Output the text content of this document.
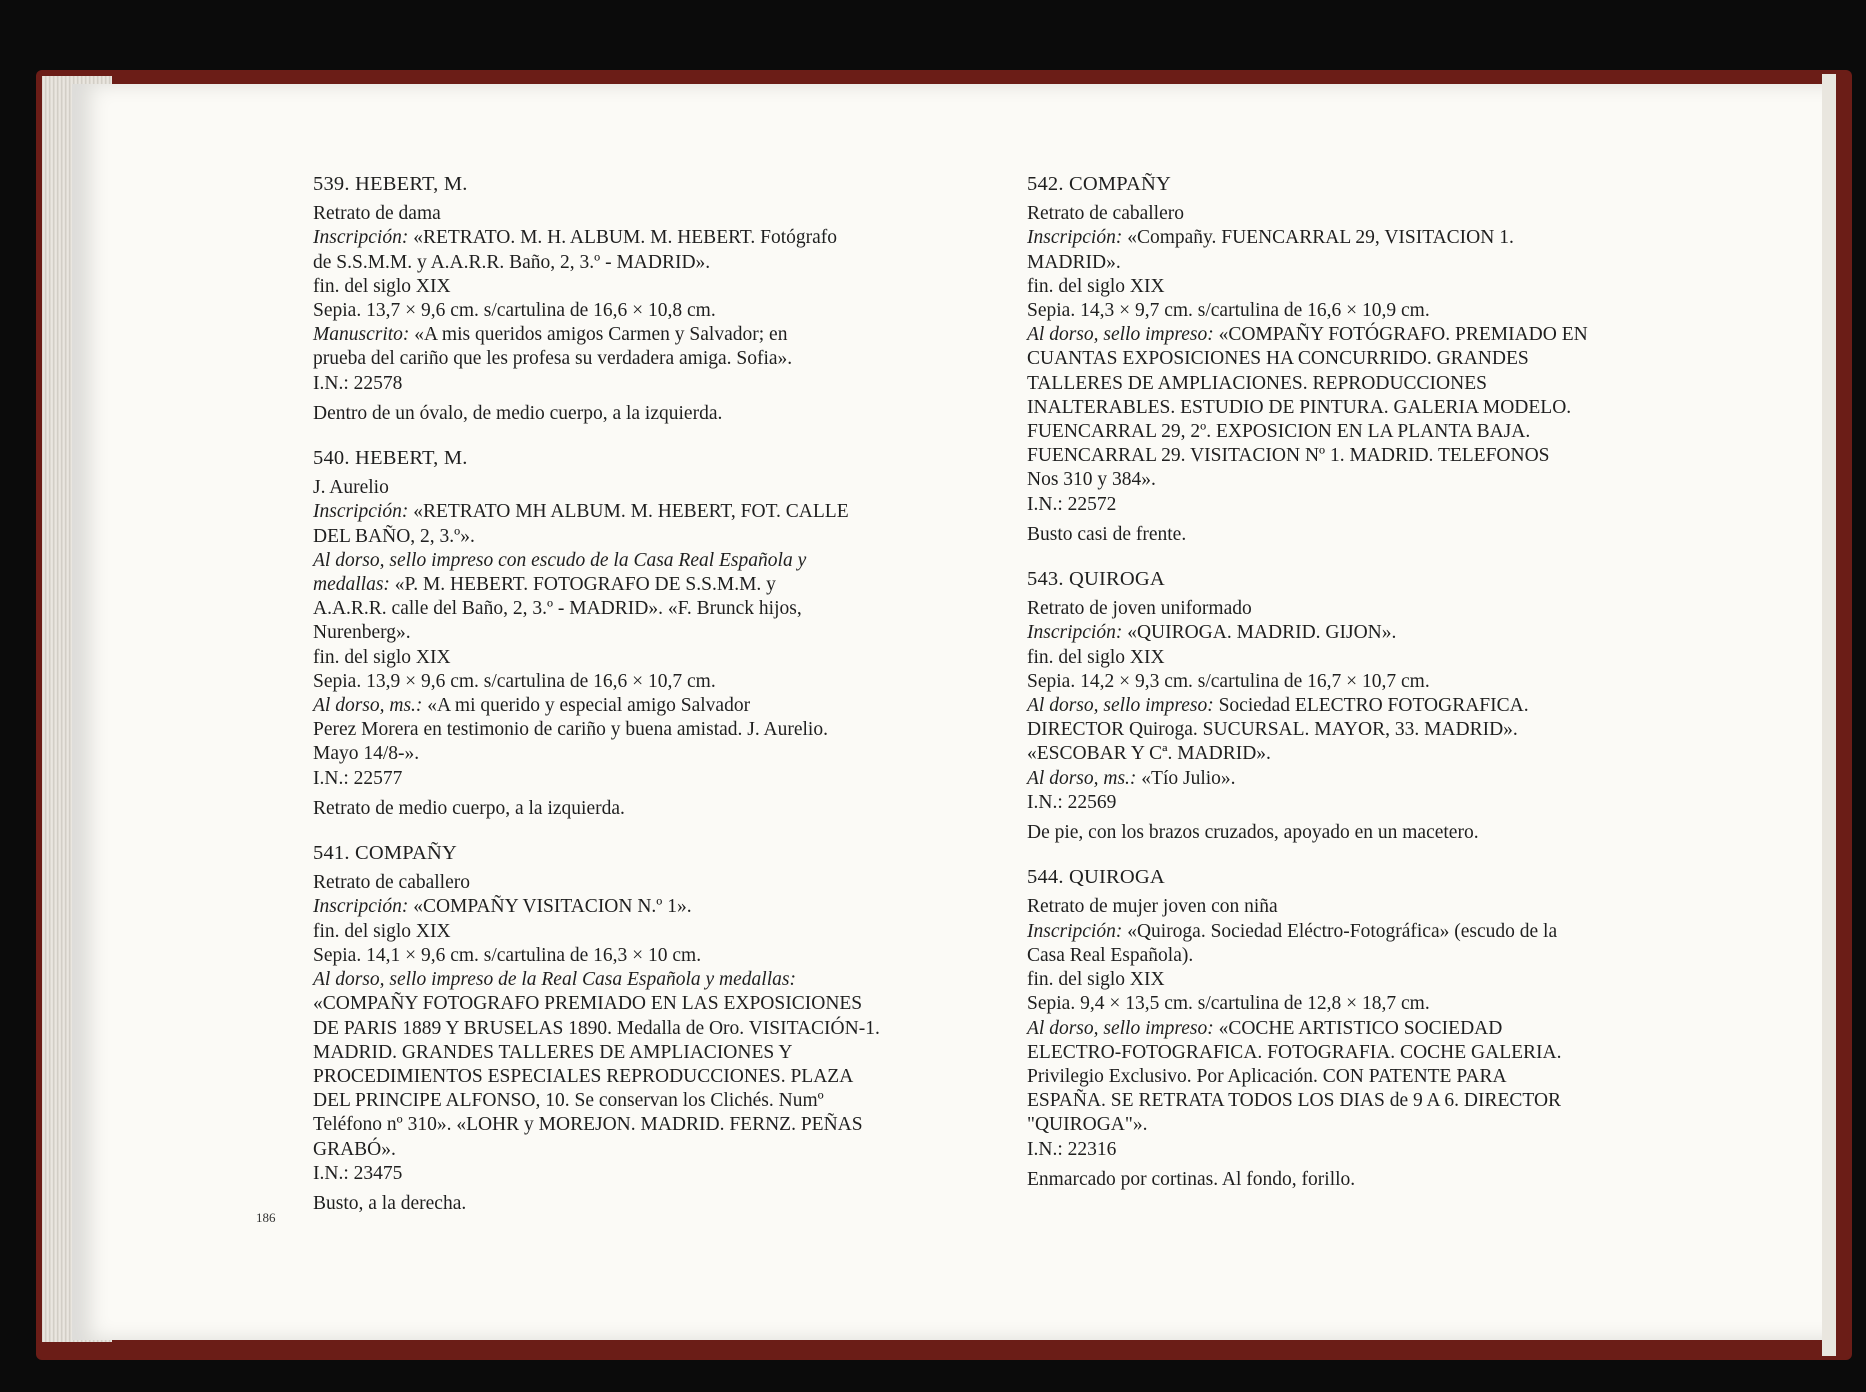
539. HEBERT, M.
Retrato de dama
Inscripción: «RETRATO. M. H. ALBUM. M. HEBERT. Fotógrafo
de S.S.M.M. y A.A.R.R. Baño, 2, 3.º - MADRID».
fin. del siglo XIX
Sepia. 13,7 × 9,6 cm. s/cartulina de 16,6 × 10,8 cm.
Manuscrito: «A mis queridos amigos Carmen y Salvador; en
prueba del cariño que les profesa su verdadera amiga. Sofia».
I.N.: 22578
Dentro de un óvalo, de medio cuerpo, a la izquierda.
540. HEBERT, M.
J. Aurelio
Inscripción: «RETRATO MH ALBUM. M. HEBERT, FOT. CALLE
DEL BAÑO, 2, 3.º».
Al dorso, sello impreso con escudo de la Casa Real Española y
medallas: «P. M. HEBERT. FOTOGRAFO DE S.S.M.M. y
A.A.R.R. calle del Baño, 2, 3.º - MADRID». «F. Brunck hijos,
Nurenberg».
fin. del siglo XIX
Sepia. 13,9 × 9,6 cm. s/cartulina de 16,6 × 10,7 cm.
Al dorso, ms.: «A mi querido y especial amigo Salvador
Perez Morera en testimonio de cariño y buena amistad. J. Aurelio.
Mayo 14/8-».
I.N.: 22577
Retrato de medio cuerpo, a la izquierda.
541. COMPAÑY
Retrato de caballero
Inscripción: «COMPAÑY VISITACION N.º 1».
fin. del siglo XIX
Sepia. 14,1 × 9,6 cm. s/cartulina de 16,3 × 10 cm.
Al dorso, sello impreso de la Real Casa Española y medallas:
«COMPAÑY FOTOGRAFO PREMIADO EN LAS EXPOSICIONES
DE PARIS 1889 Y BRUSELAS 1890. Medalla de Oro. VISITACIÓN-1.
MADRID. GRANDES TALLERES DE AMPLIACIONES Y
PROCEDIMIENTOS ESPECIALES REPRODUCCIONES. PLAZA
DEL PRINCIPE ALFONSO, 10. Se conservan los Clichés. Numº
Teléfono nº 310». «LOHR y MOREJON. MADRID. FERNZ. PEÑAS
GRABÓ».
I.N.: 23475
Busto, a la derecha.
542. COMPAÑY
Retrato de caballero
Inscripción: «Compañy. FUENCARRAL 29, VISITACION 1.
MADRID».
fin. del siglo XIX
Sepia. 14,3 × 9,7 cm. s/cartulina de 16,6 × 10,9 cm.
Al dorso, sello impreso: «COMPAÑY FOTÓGRAFO. PREMIADO EN
CUANTAS EXPOSICIONES HA CONCURRIDO. GRANDES
TALLERES DE AMPLIACIONES. REPRODUCCIONES
INALTERABLES. ESTUDIO DE PINTURA. GALERIA MODELO.
FUENCARRAL 29, 2º. EXPOSICION EN LA PLANTA BAJA.
FUENCARRAL 29. VISITACION Nº 1. MADRID. TELEFONOS
Nos 310 y 384».
I.N.: 22572
Busto casi de frente.
543. QUIROGA
Retrato de joven uniformado
Inscripción: «QUIROGA. MADRID. GIJON».
fin. del siglo XIX
Sepia. 14,2 × 9,3 cm. s/cartulina de 16,7 × 10,7 cm.
Al dorso, sello impreso: Sociedad ELECTRO FOTOGRAFICA.
DIRECTOR Quiroga. SUCURSAL. MAYOR, 33. MADRID».
«ESCOBAR Y Cª. MADRID».
Al dorso, ms.: «Tío Julio».
I.N.: 22569
De pie, con los brazos cruzados, apoyado en un macetero.
544. QUIROGA
Retrato de mujer joven con niña
Inscripción: «Quiroga. Sociedad Eléctro-Fotográfica» (escudo de la
Casa Real Española).
fin. del siglo XIX
Sepia. 9,4 × 13,5 cm. s/cartulina de 12,8 × 18,7 cm.
Al dorso, sello impreso: «COCHE ARTISTICO SOCIEDAD
ELECTRO-FOTOGRAFICA. FOTOGRAFIA. COCHE GALERIA.
Privilegio Exclusivo. Por Aplicación. CON PATENTE PARA
ESPAÑA. SE RETRATA TODOS LOS DIAS de 9 A 6. DIRECTOR
"QUIROGA"».
I.N.: 22316
Enmarcado por cortinas. Al fondo, forillo.
186
